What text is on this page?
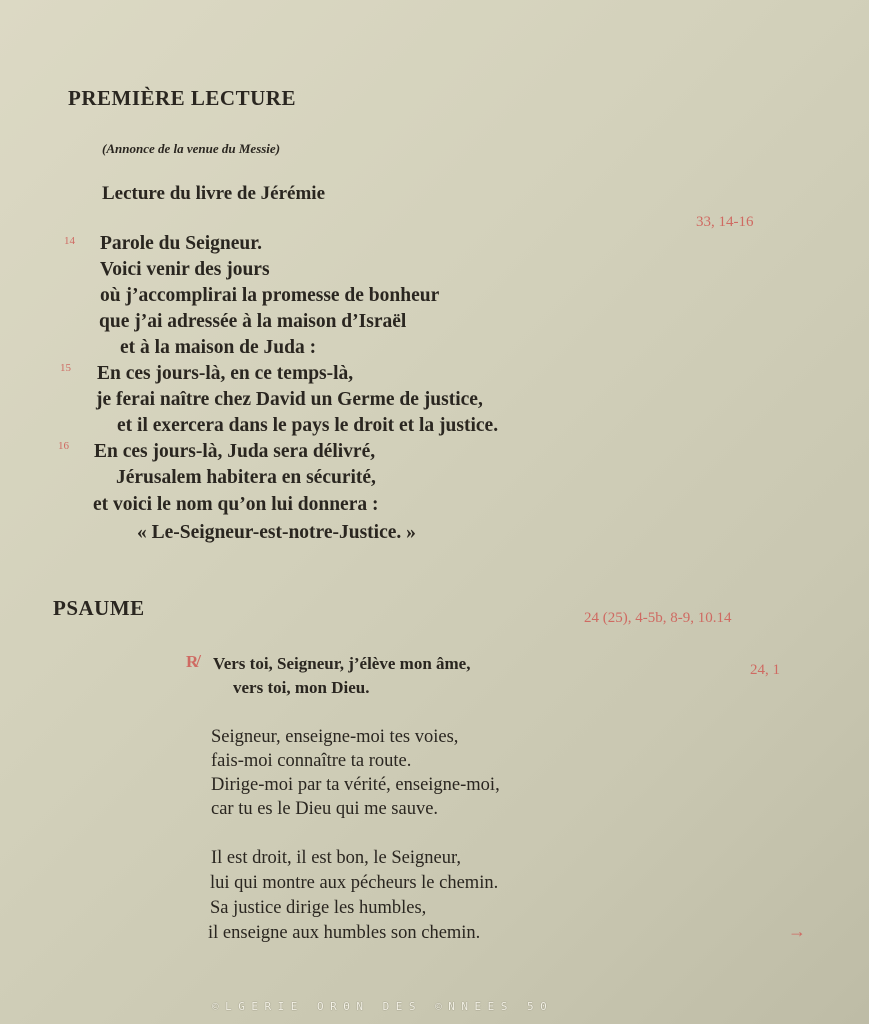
PREMIÈRE LECTURE
(Annonce de la venue du Messie)
Lecture du livre de Jérémie
33, 14-16
14
15
16
Parole du Seigneur.
Voici venir des jours
où j’accomplirai la promesse de bonheur
que j’ai adressée à la maison d’Israël
et à la maison de Juda :
En ces jours-là, en ce temps-là,
je ferai naître chez David un Germe de justice,
et il exercera dans le pays le droit et la justice.
En ces jours-là, Juda sera délivré,
Jérusalem habitera en sécurité,
et voici le nom qu’on lui donnera :
« Le-Seigneur-est-notre-Justice. »
PSAUME	24 (25), 4-5b, 8-9, 10.14
R̸ Vers toi, Seigneur, j’élève mon âme,
vers toi, mon Dieu.
24, 1
Seigneur, enseigne-moi tes voies,
fais-moi connaître ta route.
Dirige-moi par ta vérité, enseigne-moi,
car tu es le Dieu qui me sauve.
Il est droit, il est bon, le Seigneur,
lui qui montre aux pécheurs le chemin.
Sa justice dirige les humbles,
il enseigne aux humbles son chemin.	→
©LGERIE ORΘN DES ©NNEES 50
